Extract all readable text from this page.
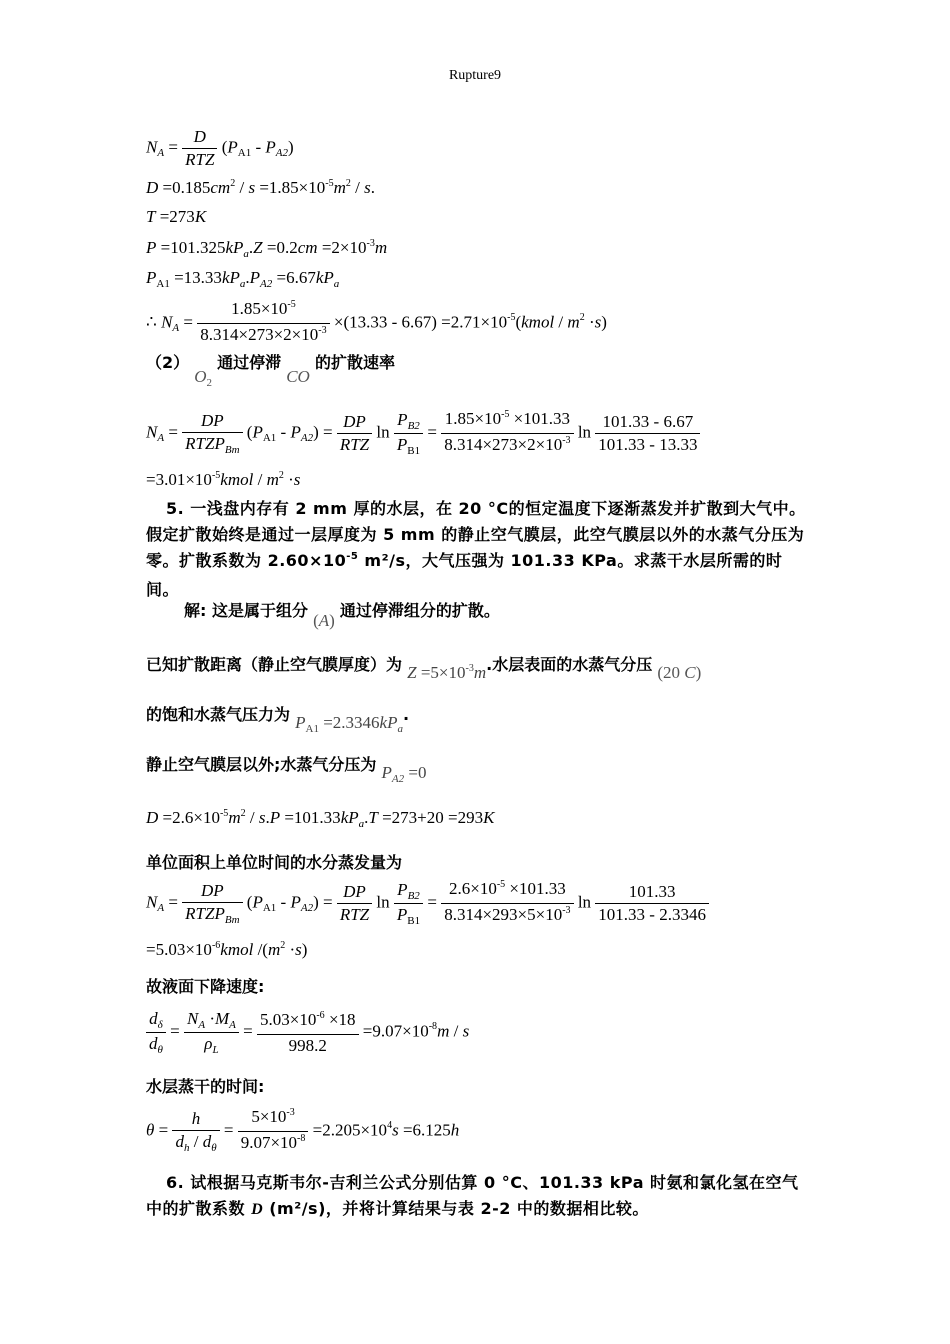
Rupture9
$N_A = \frac{D}{\text{RTZ}} (P_{A1} - P_{A2})$
$D =0.185cm^2 / s =1.85\times 10^{-5}m^2 / s$.
T =273K
$P =101.325kP_a.Z =0.2cm =2\times 10^{-3}m$
$P_{A1} =13.33kP_a.P_{A2} =6.67kP_a$
∴ $N_A = \frac{1.85\times 10^{-5}}{8.314\times 273\times 2\times 10^{-3}} \times(13.33 - 6.67)$ $=2.71\times 10^{-5}(kmol / m^2 \cdot s)$
（2） $O_2$ 通过停滞 CO 的扩散速率
$N_A = \frac{DP}{RTZP_{Bm}} (P_{A1} - P_{A2}) = \frac{DP}{\text{RTZ}}$ $\ln \frac{P_{B2}}{P_{B1}} = \frac{1.85\times 10^{-5} \times 101.33}{8.314\times 273\times 2\times 10^{-3}}$ $\ln \frac{101.33 - 6.67}{101.33 - 13.33}$
$=3.01\times 10^{-5}kmol / m^2 \cdot s$
5. 一浅盘内存有 2 mm 厚的水层，在 20 °C的恒定温度下逐渐蒸发并扩散到大气中。假定扩散始终是通过一层厚度为 5 mm 的静止空气膜层，此空气膜层以外的水蒸气分压为零。扩散系数为 $2.60\times 10^{-5}$ m²/s，大气压强为 101.33 KPa。求蒸干水层所需的时间。
解: 这是属于组分 (A) 通过停滞组分的扩散。
已知扩散距离（静止空气膜厚度）为 $Z =5\times 10^{-3}m$.水层表面的水蒸气分压 (20 C)
的饱和水蒸气压力为 $P_{A1} =2.3346kP_a$.
静止空气膜层以外;水蒸气分压为 $P_{A2} =0$
$D =2.6\times 10^{-5}m^2 / s.P =101.33kP_a.T =273+20 =293K$
单位面积上单位时间的水分蒸发量为
$N_A = \frac{DP}{RTZP_{Bm}} (P_{A1} - P_{A2}) = \frac{DP}{\text{RTZ}}$ $\ln \frac{P_{B2}}{P_{B1}} = \frac{2.6\times 10^{-5} \times 101.33}{8.314\times 293\times 5\times 10^{-3}}$ $\ln \frac{101.33}{101.33 - 2.3346}$
$=5.03\times 10^{-6}kmol$ $/(m^2 \cdot s)$
故液面下降速度:
$\frac{d_\delta}{d_\theta} = \frac{N_A \cdot M_A}{\rho_L} = \frac{5.03\times 10^{-6} \times 18}{998.2} =9.07\times 10^{-8}m / s$
水层蒸干的时间:
$\theta = \frac{h}{d_h / d_\theta} = \frac{5\times 10^{-3}}{9.07\times 10^{-8}} =2.205\times 10^4s =6.125h$
6. 试根据马克斯韦尔-吉利兰公式分别估算 0 °C、101.33 kPa 时氨和氯化氢在空气中的扩散系数 D (m²/s)，并将计算结果与表 2-2 中的数据相比较。
